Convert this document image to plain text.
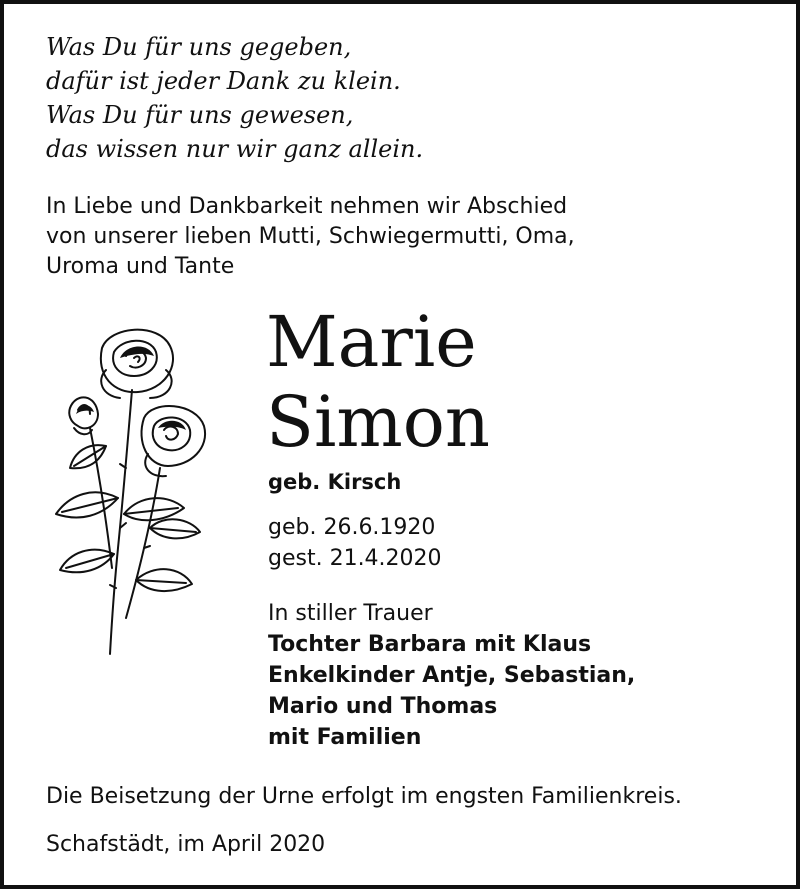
Was Du für uns gegeben,
dafür ist jeder Dank zu klein.
Was Du für uns gewesen,
das wissen nur wir ganz allein.
In Liebe und Dankbarkeit nehmen wir Abschied
von unserer lieben Mutti, Schwiegermutti, Oma,
Uroma und Tante
Marie
Simon
geb. Kirsch
geb. 26.6.1920
gest. 21.4.2020
In stiller Trauer
Tochter Barbara mit Klaus
Enkelkinder Antje, Sebastian,
Mario und Thomas
mit Familien
Die Beisetzung der Urne erfolgt im engsten Familienkreis.
Schafstädt, im April 2020
